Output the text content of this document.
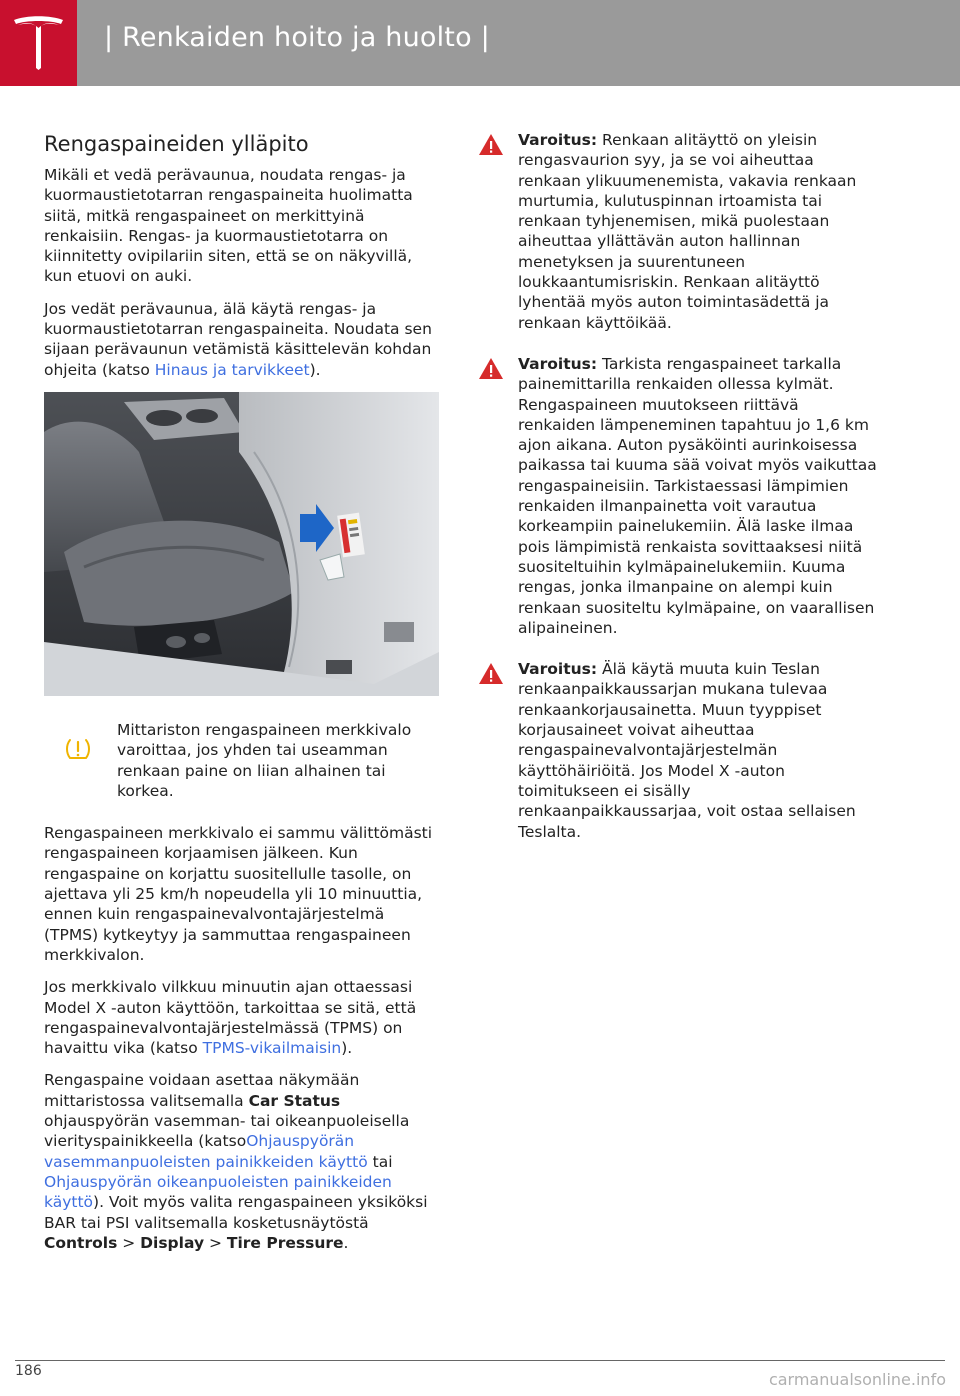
| Renkaiden hoito ja huolto |
Rengaspaineiden ylläpito

Mikäli et vedä perävaunua, noudata rengas- ja kuormaustietotarran rengaspaineita huolimatta siitä, mitkä rengaspaineet on merkittyinä renkaisiin. Rengas- ja kuormaustietotarra on kiinnitetty ovipilariin siten, että se on näkyvillä, kun etuovi on auki.

Jos vedät perävaunua, älä käytä rengas- ja kuormaustietotarran rengaspaineita. Noudata sen sijaan perävaunun vetämistä käsittelevän kohdan ohjeita (katso Hinaus ja tarvikkeet).

Mittariston rengaspaineen merkkivalo varoittaa, jos yhden tai useamman renkaan paine on liian alhainen tai korkea.

Rengaspaineen merkkivalo ei sammu välittömästi rengaspaineen korjaamisen jälkeen. Kun rengaspaine on korjattu suositellulle tasolle, on ajettava yli 25 km/h nopeudella yli 10 minuuttia, ennen kuin rengaspainevalvontajärjestelmä (TPMS) kytkeytyy ja sammuttaa rengaspaineen merkkivalon.

Jos merkkivalo vilkkuu minuutin ajan ottaessasi Model X -auton käyttöön, tarkoittaa se sitä, että rengaspainevalvontajärjestelmässä (TPMS) on havaittu vika (katso TPMS-vikailmaisin).

Rengaspaine voidaan asettaa näkymään mittaristossa valitsemalla Car Status ohjauspyörän vasemman- tai oikeanpuoleisella vierityspainikkeella (katsoOhjauspyörän vasemmanpuoleisten painikkeiden käyttö tai Ohjauspyörän oikeanpuoleisten painikkeiden käyttö). Voit myös valita rengaspaineen yksiköksi BAR tai PSI valitsemalla kosketusnäytöstä Controls > Display > Tire Pressure.

Varoitus: Renkaan alitäyttö on yleisin rengasvaurion syy, ja se voi aiheuttaa renkaan ylikuumenemista, vakavia renkaan murtumia, kulutuspinnan irtoamista tai renkaan tyhjenemisen, mikä puolestaan aiheuttaa yllättävän auton hallinnan menetyksen ja suurentuneen loukkaantumisriskin. Renkaan alitäyttö lyhentää myös auton toimintasädettä ja renkaan käyttöikää.

Varoitus: Tarkista rengaspaineet tarkalla painemittarilla renkaiden ollessa kylmät. Rengaspaineen muutokseen riittävä renkaiden lämpeneminen tapahtuu jo 1,6 km ajon aikana. Auton pysäköinti aurinkoisessa paikassa tai kuuma sää voivat myös vaikuttaa rengaspaineisiin. Tarkistaessasi lämpimien renkaiden ilmanpainetta voit varautua korkeampiin painelukemiin. Älä laske ilmaa pois lämpimistä renkaista sovittaaksesi niitä suositeltuihin kylmäpainelukemiin. Kuuma rengas, jonka ilmanpaine on alempi kuin renkaan suositeltu kylmäpaine, on vaarallisen alipaineinen.

Varoitus: Älä käytä muuta kuin Teslan renkaanpaikkaussarjan mukana tulevaa renkaankorjausainetta. Muun tyyppiset korjausaineet voivat aiheuttaa rengaspainevalvontajärjestelmän käyttöhäiriöitä. Jos Model X -auton toimitukseen ei sisälly renkaanpaikkaussarjaa, voit ostaa sellaisen Teslalta.

186	carmanualsonline.info
